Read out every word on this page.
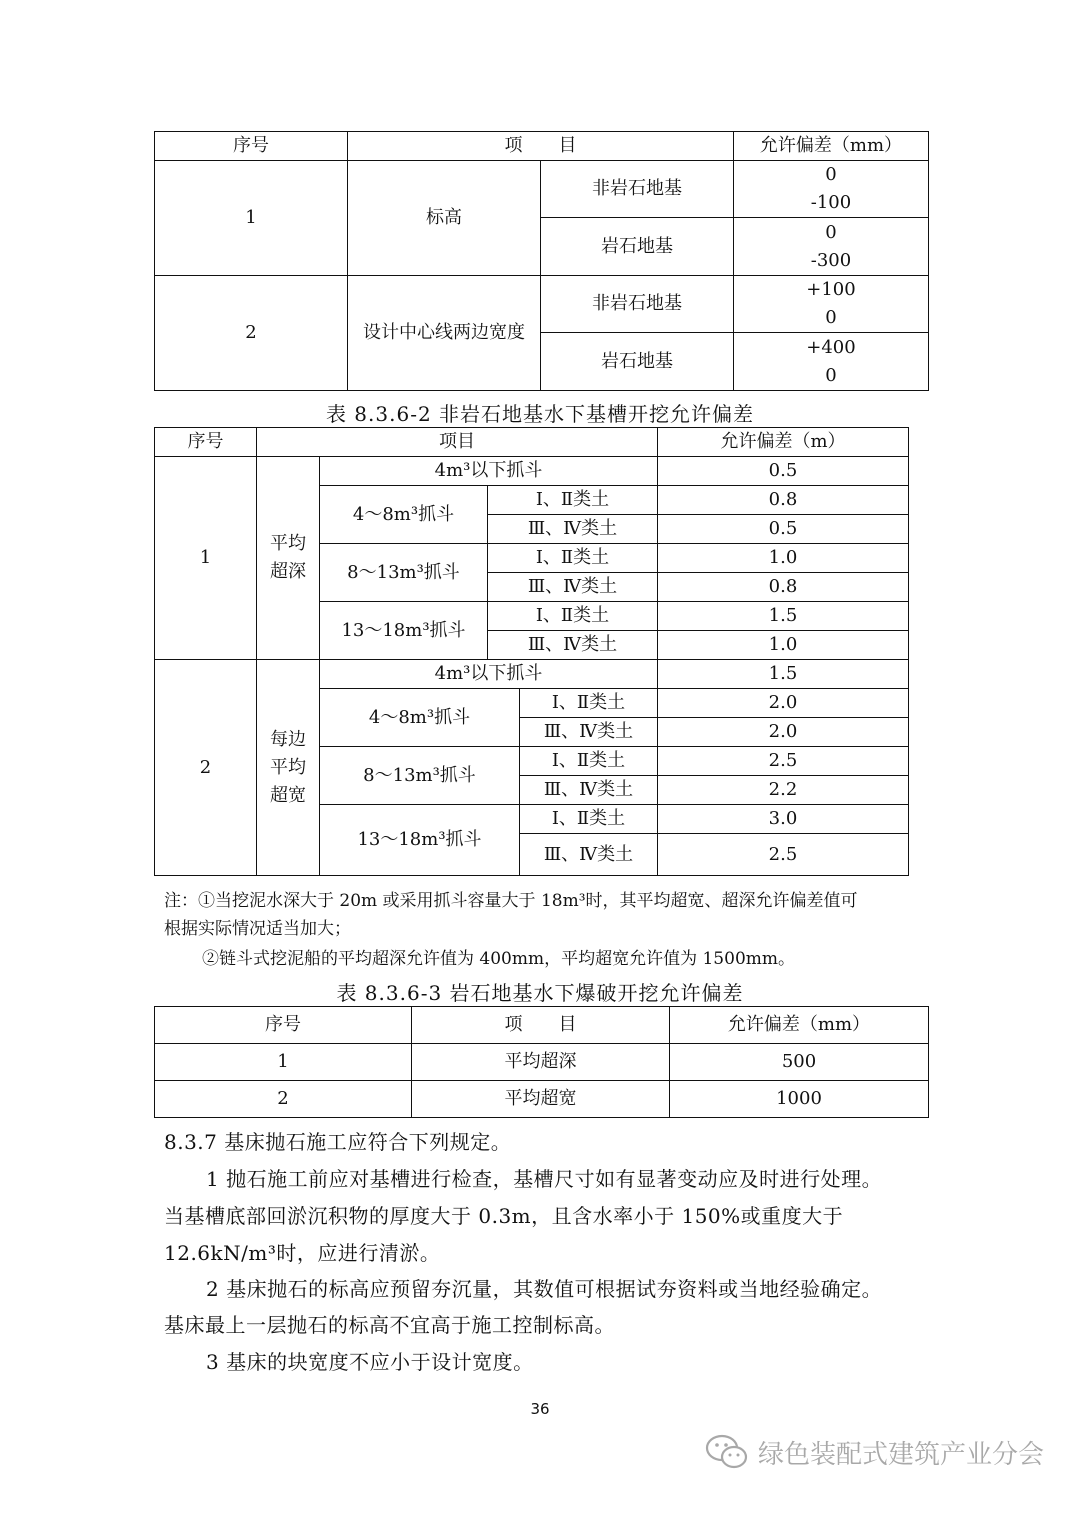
序号	项　　目		允许偏差（mm）
1	标高	非岩石地基	0
-100

		岩石地基	0
-300

2	设计中心线两边宽度	非岩石地基	+100
0

		岩石地基	+400
0
表 8.3.6-2 非岩石地基水下基槽开挖允许偏差
序号	项目				允许偏差（m）
1	平均
超深	4m³以下抓斗			0.5
		4～8m³抓斗	Ⅰ、Ⅱ类土		0.8
			Ⅲ、Ⅳ类土		0.5
		8～13m³抓斗	Ⅰ、Ⅱ类土		1.0
			Ⅲ、Ⅳ类土		0.8
		13～18m³抓斗	Ⅰ、Ⅱ类土		1.5
			Ⅲ、Ⅳ类土		1.0
2	每边
平均
超宽	4m³以下抓斗			1.5
		4～8m³抓斗		Ⅰ、Ⅱ类土	2.0
				Ⅲ、Ⅳ类土	2.0
		8～13m³抓斗		Ⅰ、Ⅱ类土	2.5
				Ⅲ、Ⅳ类土	2.2
		13～18m³抓斗		Ⅰ、Ⅱ类土	3.0
				Ⅲ、Ⅳ类土	2.5
注：①当挖泥水深大于 20m 或采用抓斗容量大于 18m³时，其平均超宽、超深允许偏差值可
根据实际情况适当加大；
②链斗式挖泥船的平均超深允许值为 400mm，平均超宽允许值为 1500mm。
表 8.3.6-3 岩石地基水下爆破开挖允许偏差
序号	项　　目	允许偏差（mm）
1	平均超深	500
2	平均超宽	1000
8.3.7 基床抛石施工应符合下列规定。
1 抛石施工前应对基槽进行检查，基槽尺寸如有显著变动应及时进行处理。
当基槽底部回淤沉积物的厚度大于 0.3m，且含水率小于 150%或重度大于
12.6kN/m³时，应进行清淤。
2 基床抛石的标高应预留夯沉量，其数值可根据试夯资料或当地经验确定。
基床最上一层抛石的标高不宜高于施工控制标高。
3 基床的块宽度不应小于设计宽度。
36
绿色装配式建筑产业分会
